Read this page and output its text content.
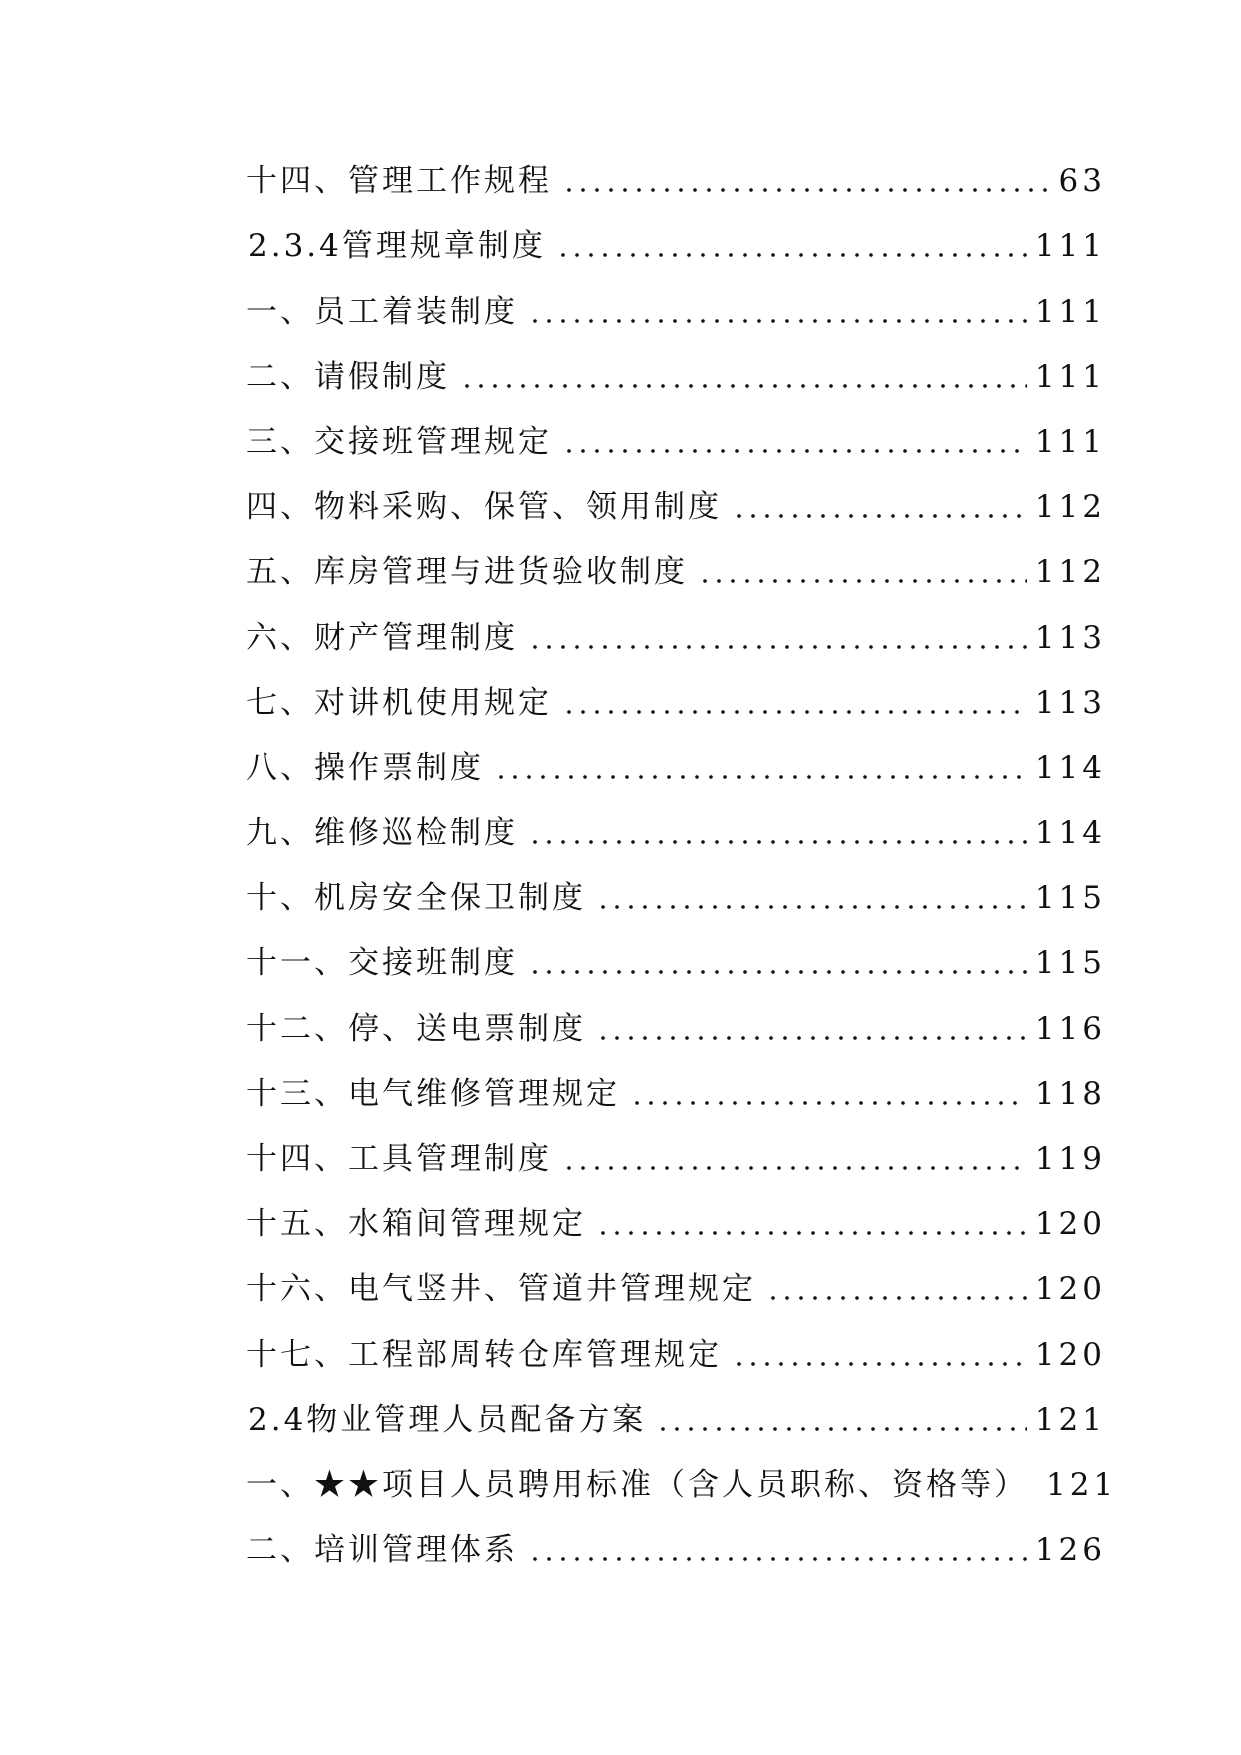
十四、管理工作规程	63
2.3.4管理规章制度	111
一、员工着装制度	111
二、请假制度	111
三、交接班管理规定	111
四、物料采购、保管、领用制度	112
五、库房管理与进货验收制度	112
六、财产管理制度	113
七、对讲机使用规定	113
八、操作票制度	114
九、维修巡检制度	114
十、机房安全保卫制度	115
十一、交接班制度	115
十二、停、送电票制度	116
十三、电气维修管理规定	118
十四、工具管理制度	119
十五、水箱间管理规定	120
十六、电气竖井、管道井管理规定	120
十七、工程部周转仓库管理规定	120
2.4物业管理人员配备方案	121
一、★★项目人员聘用标准（含人员职称、资格等） 121
二、培训管理体系	126
